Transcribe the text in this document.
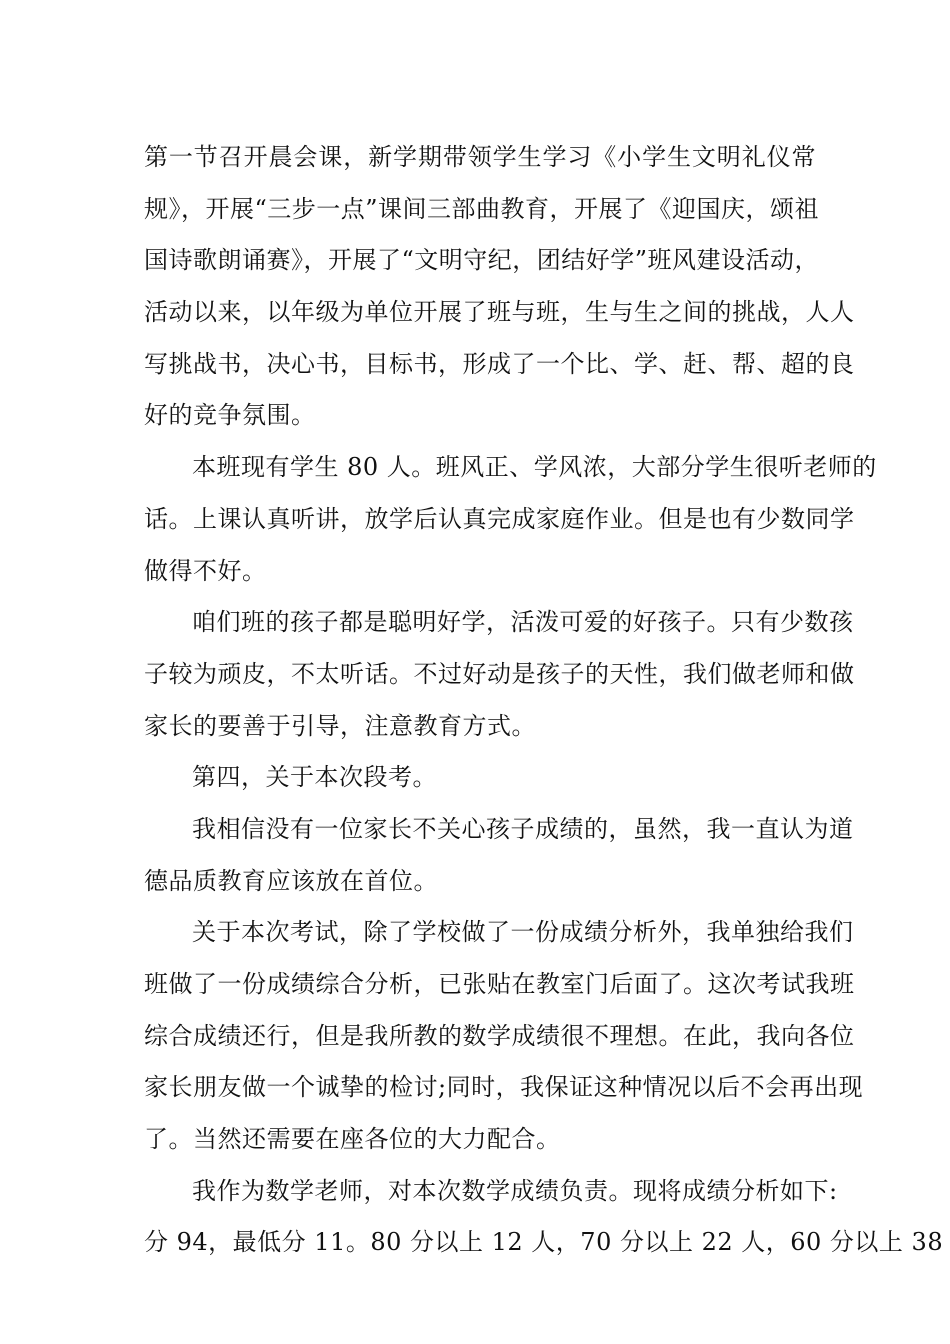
第一节召开晨会课，新学期带领学生学习《小学生文明礼仪常
规》，开展“三步一点”课间三部曲教育，开展了《迎国庆，颂祖
国诗歌朗诵赛》，开展了“文明守纪，团结好学”班风建设活动，
活动以来，以年级为单位开展了班与班，生与生之间的挑战，人人
写挑战书，决心书，目标书，形成了一个比、学、赶、帮、超的良
好的竞争氛围。
本班现有学生 80 人。班风正、学风浓，大部分学生很听老师的
话。上课认真听讲，放学后认真完成家庭作业。但是也有少数同学
做得不好。
咱们班的孩子都是聪明好学，活泼可爱的好孩子。只有少数孩
子较为顽皮，不太听话。不过好动是孩子的天性，我们做老师和做
家长的要善于引导，注意教育方式。
第四，关于本次段考。
我相信没有一位家长不关心孩子成绩的，虽然，我一直认为道
德品质教育应该放在首位。
关于本次考试，除了学校做了一份成绩分析外，我单独给我们
班做了一份成绩综合分析，已张贴在教室门后面了。这次考试我班
综合成绩还行，但是我所教的数学成绩很不理想。在此，我向各位
家长朋友做一个诚挚的检讨;同时，我保证这种情况以后不会再出现
了。当然还需要在座各位的大力配合。
我作为数学老师，对本次数学成绩负责。现将成绩分析如下:
分 94，最低分 11。80 分以上 12 人，70 分以上 22 人，60 分以上 38
